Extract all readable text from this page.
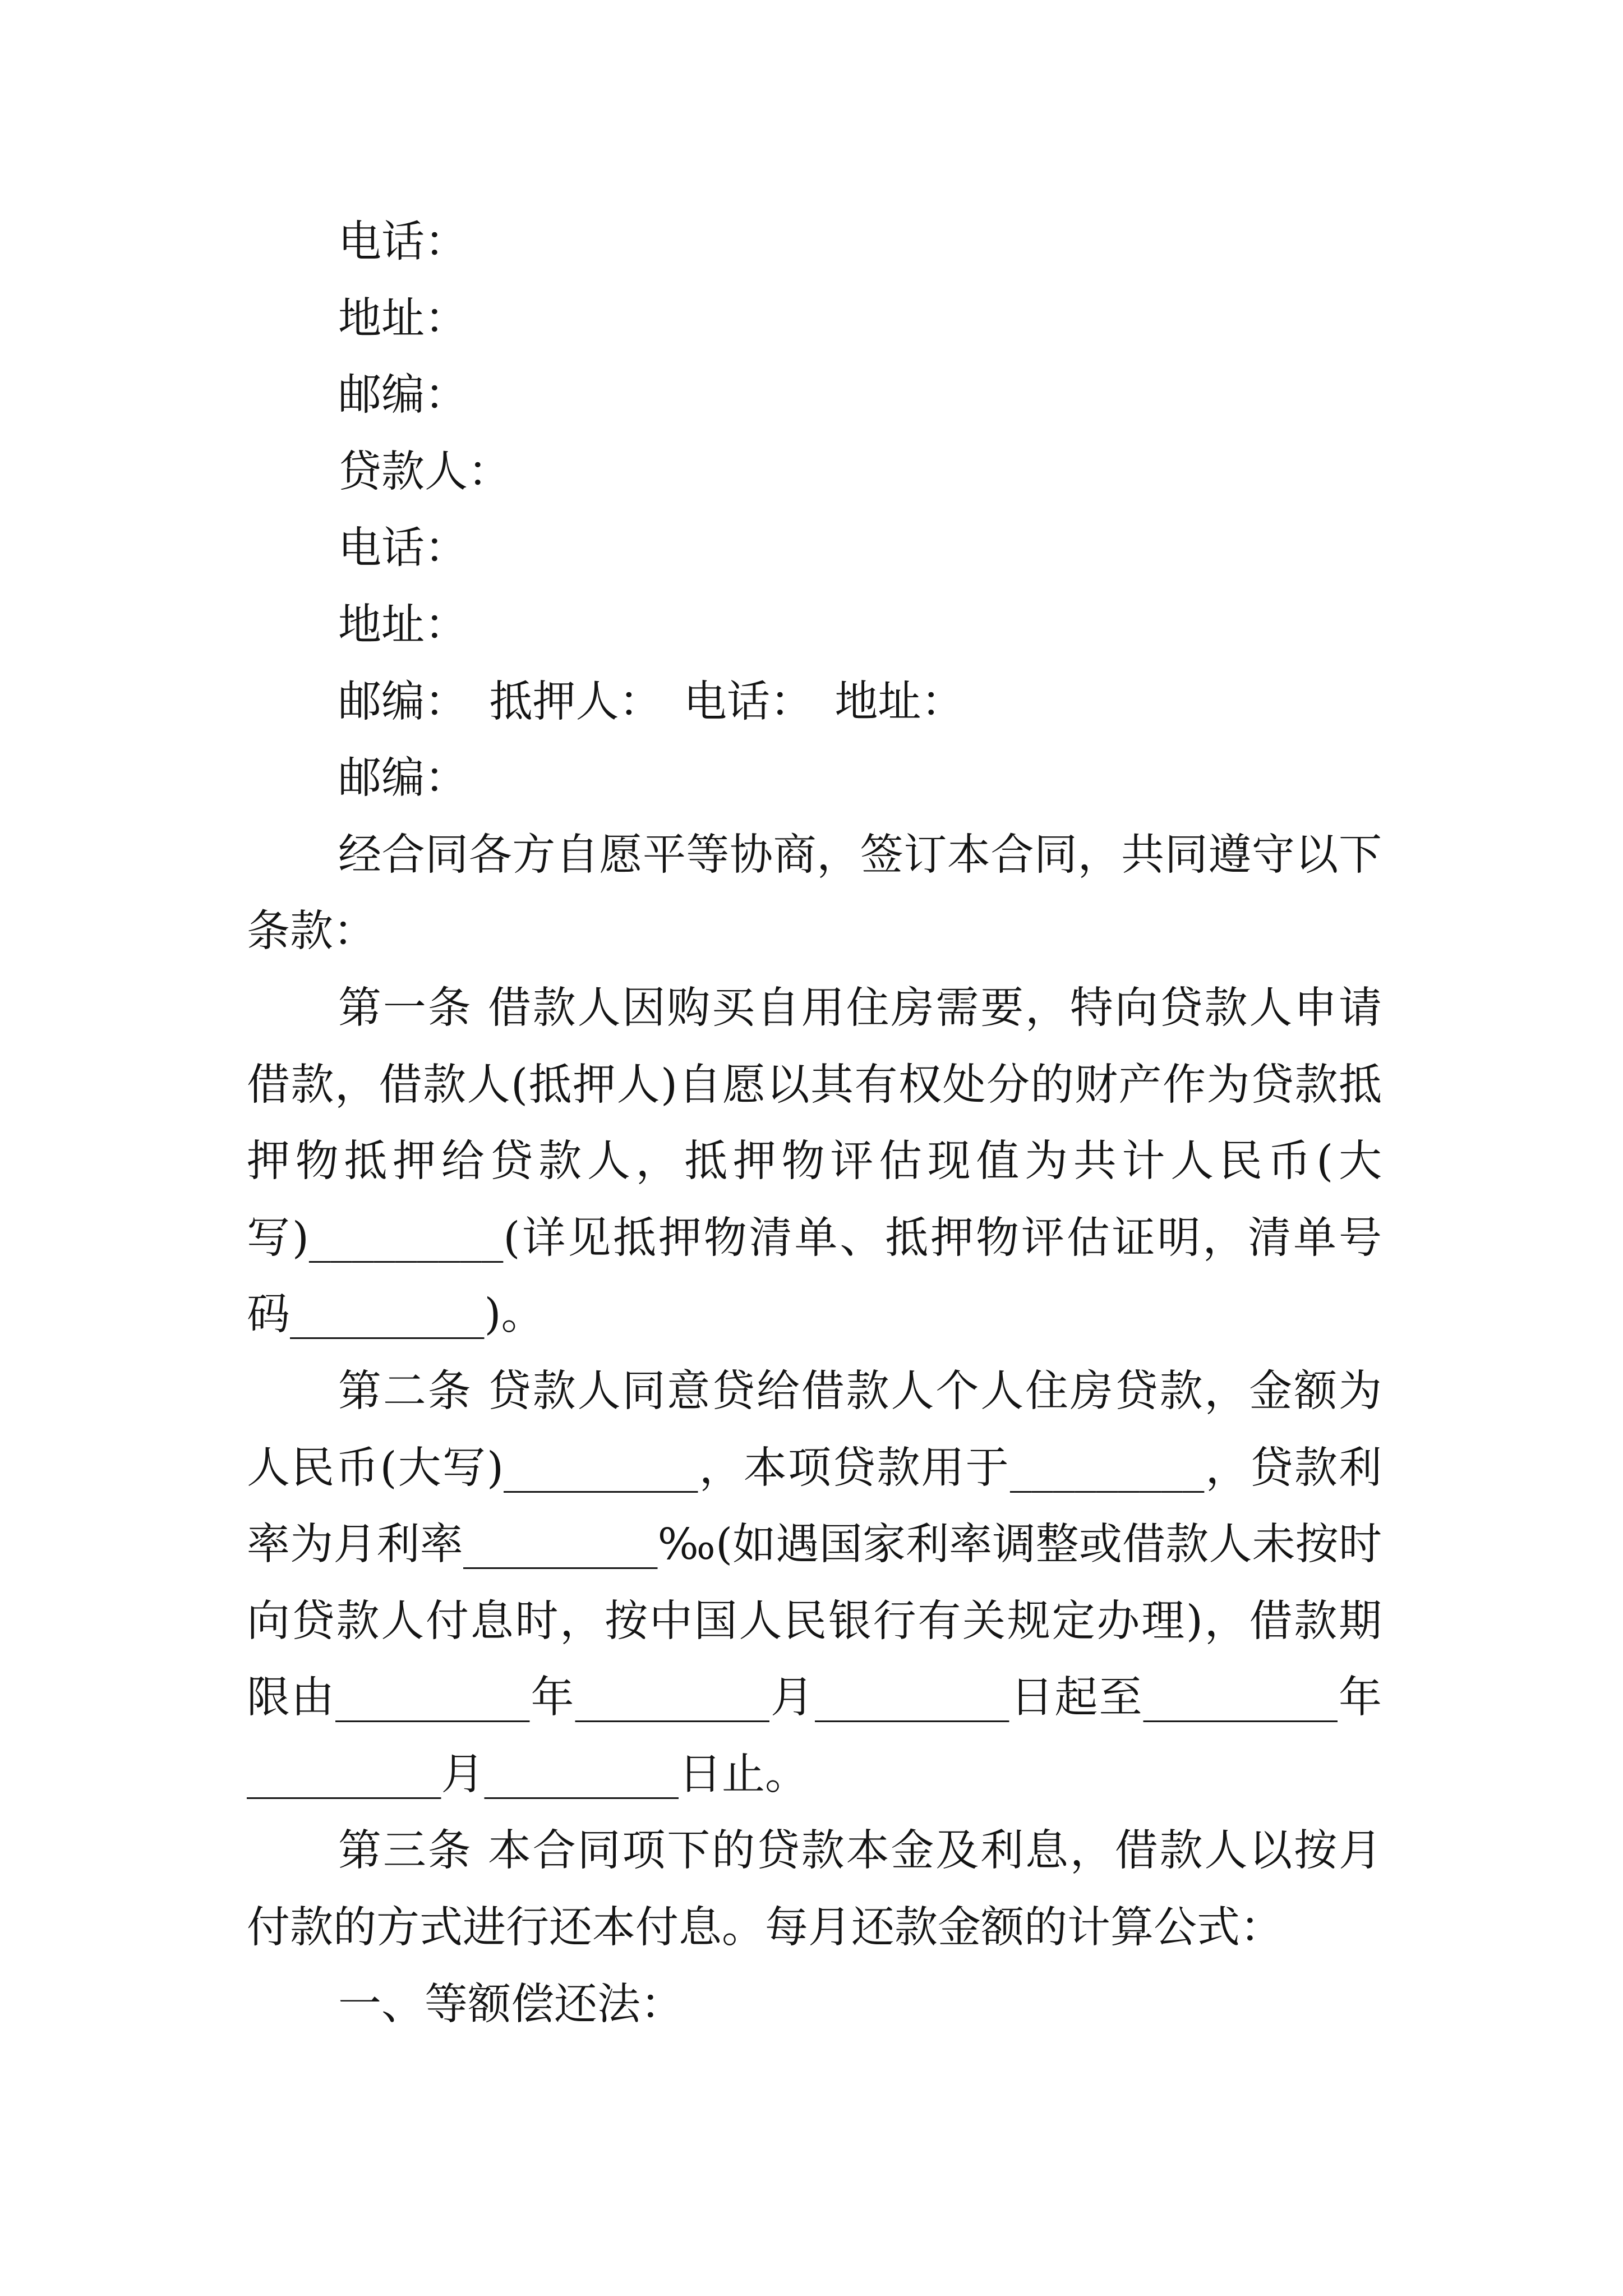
电话：
地址：
邮编：
贷款人：
电话：
地址：
邮编： 抵押人： 电话： 地址：
邮编：
经合同各方自愿平等协商，签订本合同，共同遵守以下
条款：
第一条 借款人因购买自用住房需要，特向贷款人申请
借款，借款人(抵押人)自愿以其有权处分的财产作为贷款抵
押物抵押给贷款人，抵押物评估现值为共计人民币(大
写)_________(详见抵押物清单、抵押物评估证明，清单号
码_________)。
第二条 贷款人同意贷给借款人个人住房贷款，金额为
人民币(大写)_________，本项贷款用于_________，贷款利
率为月利率_________‰(如遇国家利率调整或借款人未按时
向贷款人付息时，按中国人民银行有关规定办理)，借款期
限由_________年_________月_________日起至_________年
_________月_________日止。
第三条 本合同项下的贷款本金及利息，借款人以按月
付款的方式进行还本付息。每月还款金额的计算公式：
一、等额偿还法：
